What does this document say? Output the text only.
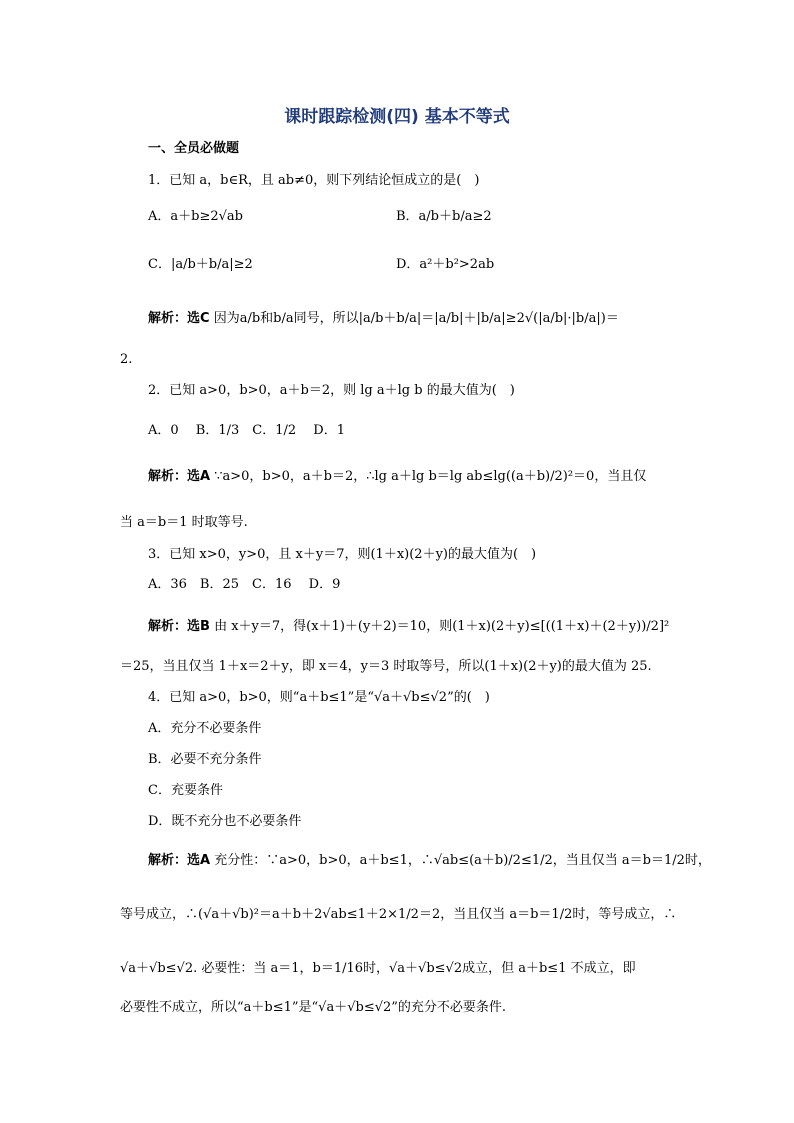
课时跟踪检测(四) 基本不等式
一、全员必做题
1．已知 a，b∈R，且 ab≠0，则下列结论恒成立的是(　)
A．a＋b≥2√ab	B．a/b＋b/a≥2
C．|a/b＋b/a|≥2	D．a²＋b²>2ab
解析：选C 因为a/b和b/a同号，所以|a/b＋b/a|＝|a/b|＋|b/a|≥2√(|a/b|·|b/a|)＝
2.
2．已知 a>0，b>0，a＋b＝2，则 lg a＋lg b 的最大值为(　)
A．0　 B．1/3　C．1/2　 D．1
解析：选A ∵a>0，b>0，a＋b＝2，∴lg a＋lg b＝lg ab≤lg((a＋b)/2)²＝0，当且仅
当 a＝b＝1 时取等号.
3．已知 x>0，y>0，且 x＋y＝7，则(1＋x)(2＋y)的最大值为(　)
A．36　B．25　C．16　 D．9
解析：选B 由 x＋y＝7，得(x＋1)＋(y＋2)＝10，则(1＋x)(2＋y)≤[((1＋x)＋(2＋y))/2]²
＝25，当且仅当 1＋x＝2＋y，即 x＝4，y＝3 时取等号，所以(1＋x)(2＋y)的最大值为 25.
4．已知 a>0，b>0，则“a＋b≤1”是“√a＋√b≤√2”的(　)
A．充分不必要条件
B．必要不充分条件
C．充要条件
D．既不充分也不必要条件
解析：选A 充分性：∵a>0，b>0，a＋b≤1，∴√ab≤(a＋b)/2≤1/2，当且仅当 a＝b＝1/2时，
等号成立，∴(√a＋√b)²＝a＋b＋2√ab≤1＋2×1/2＝2，当且仅当 a＝b＝1/2时，等号成立，∴
√a＋√b≤√2. 必要性：当 a＝1，b＝1/16时，√a＋√b≤√2成立，但 a＋b≤1 不成立，即
必要性不成立，所以“a＋b≤1”是“√a＋√b≤√2”的充分不必要条件.
